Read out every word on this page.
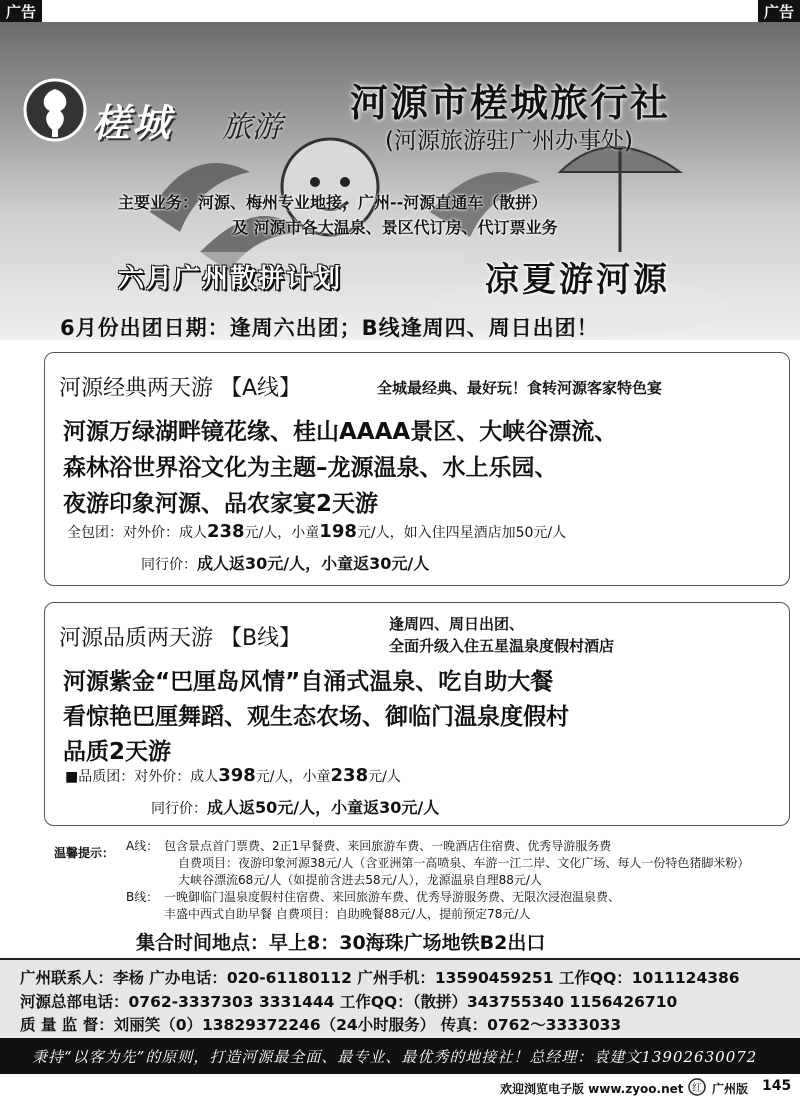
广告	广告
槎城 旅游
河源市槎城旅行社
(河源旅游驻广州办事处)
主要业务：河源、梅州专业地接，广州--河源直通车（散拼）
及 河源市各大温泉、景区代订房、代订票业务
六月广州散拼计划	凉夏游河源
6月份出团日期：逢周六出团；B线逢周四、周日出团！
河源经典两天游 【A线】	全城最经典、最好玩！食转河源客家特色宴
河源万绿湖畔镜花缘、桂山AAAA景区、大峡谷漂流、
森林浴世界浴文化为主题–龙源温泉、水上乐园、
夜游印象河源、品农家宴2天游
全包团：对外价：成人238元/人，小童198元/人，如入住四星酒店加50元/人
同行价：成人返30元/人，小童返30元/人
河源品质两天游 【B线】
逢周四、周日出团、
全面升级入住五星温泉度假村酒店
河源紫金“巴厘岛风情”自涌式温泉、吃自助大餐
看惊艳巴厘舞蹈、观生态农场、御临门温泉度假村
品质2天游
■品质团：对外价：成人398元/人，小童238元/人
同行价：成人返50元/人，小童返30元/人
温馨提示： A线： 包含景点首门票费、2正1早餐费、来回旅游车费、一晚酒店住宿费、优秀导游服务费
自费项目：夜游印象河源38元/人（含亚洲第一高喷泉、车游一江二岸、文化广场、每人一份特色猪脚米粉）
大峡谷漂流68元/人（如提前含进去58元/人），龙源温泉自理88元/人
B线： 一晚御临门温泉度假村住宿费、来回旅游车费、优秀导游服务费、无限次浸泡温泉费、
丰盛中西式自助早餐 自费项目：自助晚餐88元/人，提前预定78元/人
集合时间地点：早上8：30海珠广场地铁B2出口
广州联系人：李杨 广办电话：020-61180112 广州手机：13590459251 工作QQ：1011124386
河源总部电话：0762-3337303 3331444 工作QQ：（散拼）343755340 1156426710
质 量 监 督：刘丽笑（0）13829372246（24小时服务） 传真：0762～3333033
秉持“以客为先”的原则，打造河源最全面、最专业、最优秀的地接社！总经理：袁建文13902630072
欢迎浏览电子版 www.zyoo.net 红 广州版 145
